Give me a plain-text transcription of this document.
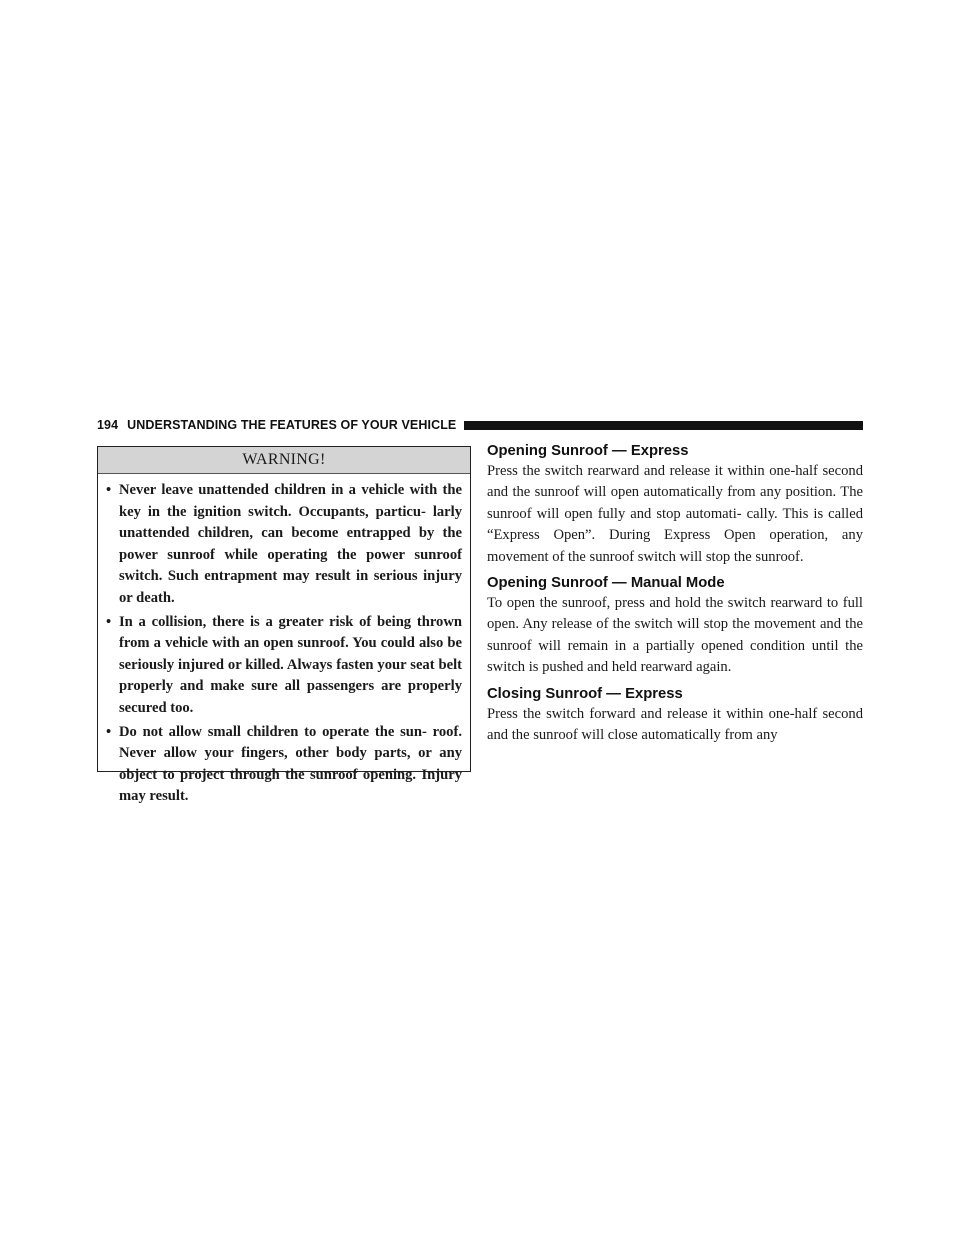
194 UNDERSTANDING THE FEATURES OF YOUR VEHICLE
WARNING!
• Never leave unattended children in a vehicle with the key in the ignition switch. Occupants, particu- larly unattended children, can become entrapped by the power sunroof while operating the power sunroof switch. Such entrapment may result in serious injury or death.
• In a collision, there is a greater risk of being thrown from a vehicle with an open sunroof. You could also be seriously injured or killed. Always fasten your seat belt properly and make sure all passengers are properly secured too.
• Do not allow small children to operate the sun- roof. Never allow your fingers, other body parts, or any object to project through the sunroof opening. Injury may result.
Opening Sunroof — Express

Press the switch rearward and release it within one-half second and the sunroof will open automatically from any position. The sunroof will open fully and stop automati- cally. This is called “Express Open”. During Express Open operation, any movement of the sunroof switch will stop the sunroof.

Opening Sunroof — Manual Mode

To open the sunroof, press and hold the switch rearward to full open. Any release of the switch will stop the movement and the sunroof will remain in a partially opened condition until the switch is pushed and held rearward again.

Closing Sunroof — Express

Press the switch forward and release it within one-half second and the sunroof will close automatically from any
